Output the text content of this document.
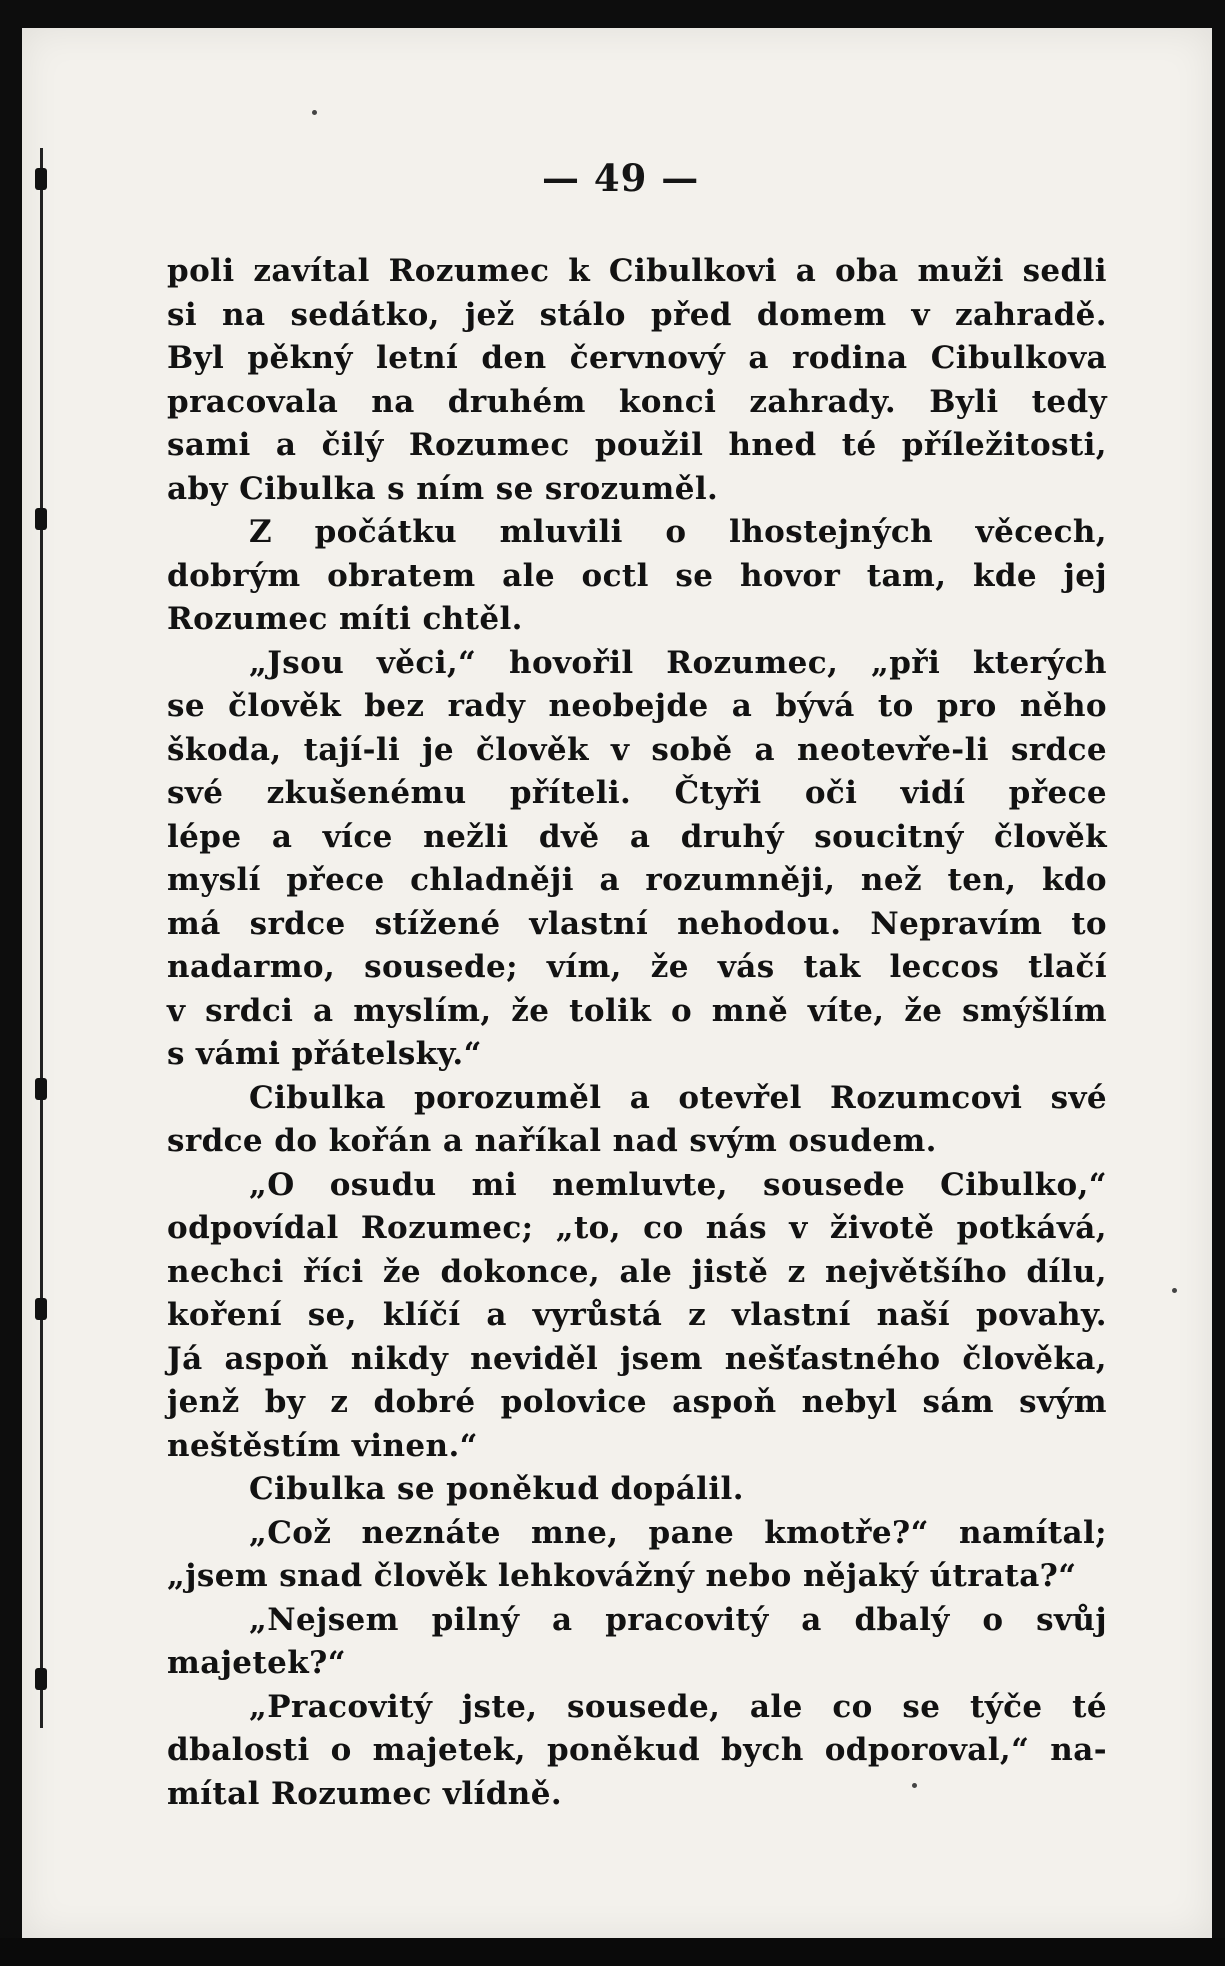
— 49 —
poli zavítal Rozumec k Cibulkovi a oba muži sedli
si na sedátko, jež stálo před domem v zahradě.
Byl pěkný letní den červnový a rodina Cibulkova
pracovala na druhém konci zahrady. Byli tedy
sami a čilý Rozumec použil hned té příležitosti,
aby Cibulka s ním se srozuměl.
Z počátku mluvili o lhostejných věcech,
dobrým obratem ale octl se hovor tam, kde jej
Rozumec míti chtěl.
„Jsou věci,“ hovořil Rozumec, „při kterých
se člověk bez rady neobejde a bývá to pro něho
škoda, tají-li je člověk v sobě a neotevře-li srdce
své zkušenému příteli. Čtyři oči vidí přece
lépe a více nežli dvě a druhý soucitný člověk
myslí přece chladněji a rozumněji, než ten, kdo
má srdce stížené vlastní nehodou. Nepravím to
nadarmo, sousede; vím, že vás tak leccos tlačí
v srdci a myslím, že tolik o mně víte, že smýšlím
s vámi přátelsky.“
Cibulka porozuměl a otevřel Rozumcovi své
srdce do kořán a naříkal nad svým osudem.
„O osudu mi nemluvte, sousede Cibulko,“
odpovídal Rozumec; „to, co nás v životě potkává,
nechci říci že dokonce, ale jistě z největšího dílu,
koření se, klíčí a vyrůstá z vlastní naší povahy.
Já aspoň nikdy neviděl jsem nešťastného člověka,
jenž by z dobré polovice aspoň nebyl sám svým
neštěstím vinen.“
Cibulka se poněkud dopálil.
„Což neznáte mne, pane kmotře?“ namítal;
„jsem snad člověk lehkovážný nebo nějaký útrata?“
„Nejsem pilný a pracovitý a dbalý o svůj
majetek?“
„Pracovitý jste, sousede, ale co se týče té
dbalosti o majetek, poněkud bych odporoval,“ na-
mítal Rozumec vlídně.
